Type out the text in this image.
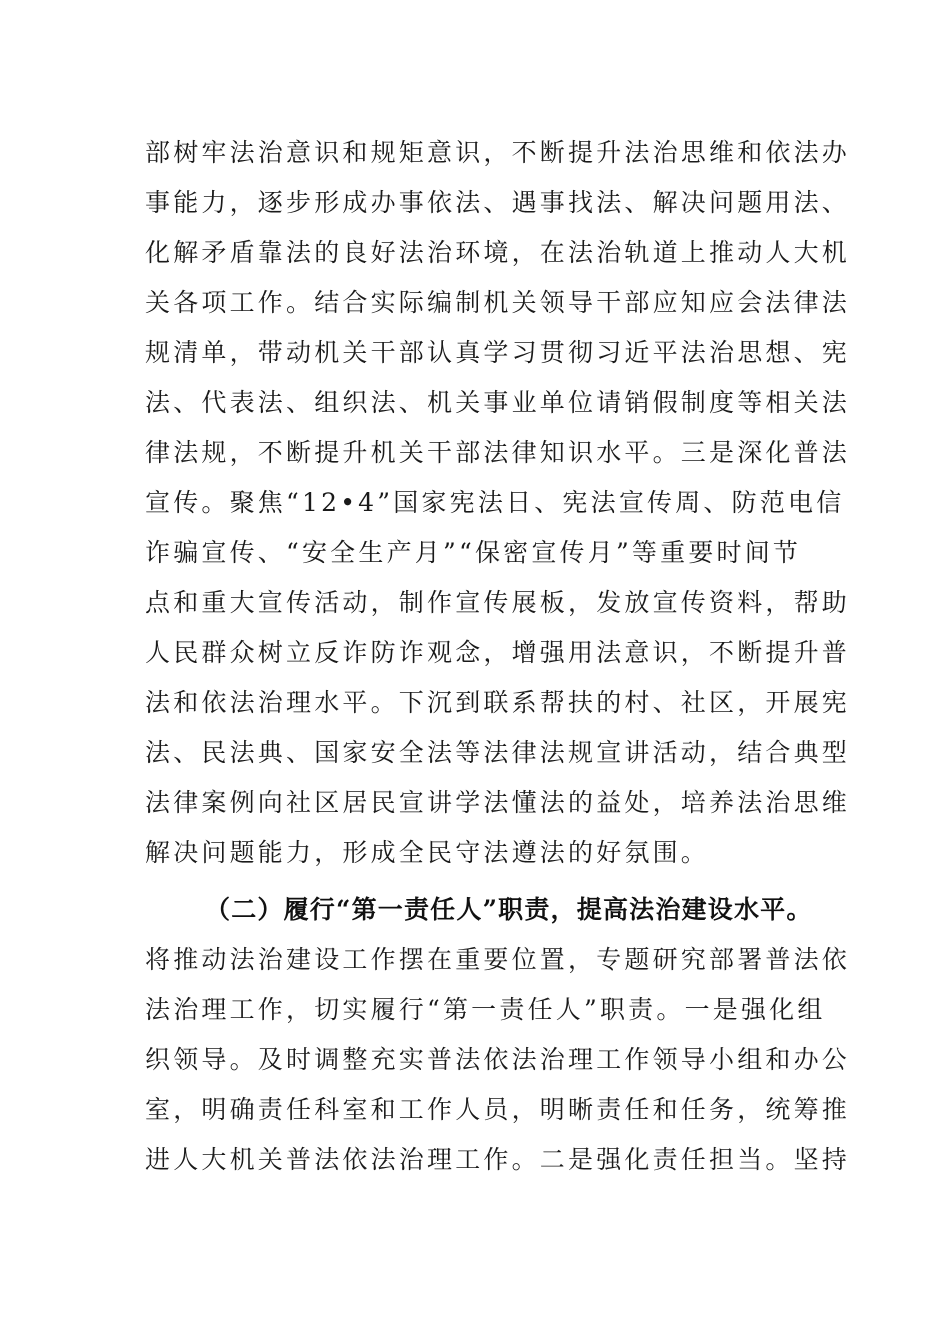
部树牢法治意识和规矩意识，不断提升法治思维和依法办
事能力，逐步形成办事依法、遇事找法、解决问题用法、
化解矛盾靠法的良好法治环境，在法治轨道上推动人大机
关各项工作。结合实际编制机关领导干部应知应会法律法
规清单，带动机关干部认真学习贯彻习近平法治思想、宪
法、代表法、组织法、机关事业单位请销假制度等相关法
律法规，不断提升机关干部法律知识水平。三是深化普法
宣传。聚焦“12•4”国家宪法日、宪法宣传周、防范电信
诈骗宣传、“安全生产月”“保密宣传月”等重要时间节
点和重大宣传活动，制作宣传展板，发放宣传资料，帮助
人民群众树立反诈防诈观念，增强用法意识，不断提升普
法和依法治理水平。下沉到联系帮扶的村、社区，开展宪
法、民法典、国家安全法等法律法规宣讲活动，结合典型
法律案例向社区居民宣讲学法懂法的益处，培养法治思维
解决问题能力，形成全民守法遵法的好氛围。
（二）履行“第一责任人”职责，提高法治建设水平。
将推动法治建设工作摆在重要位置，专题研究部署普法依
法治理工作，切实履行“第一责任人”职责。一是强化组
织领导。及时调整充实普法依法治理工作领导小组和办公
室，明确责任科室和工作人员，明晰责任和任务，统筹推
进人大机关普法依法治理工作。二是强化责任担当。坚持
